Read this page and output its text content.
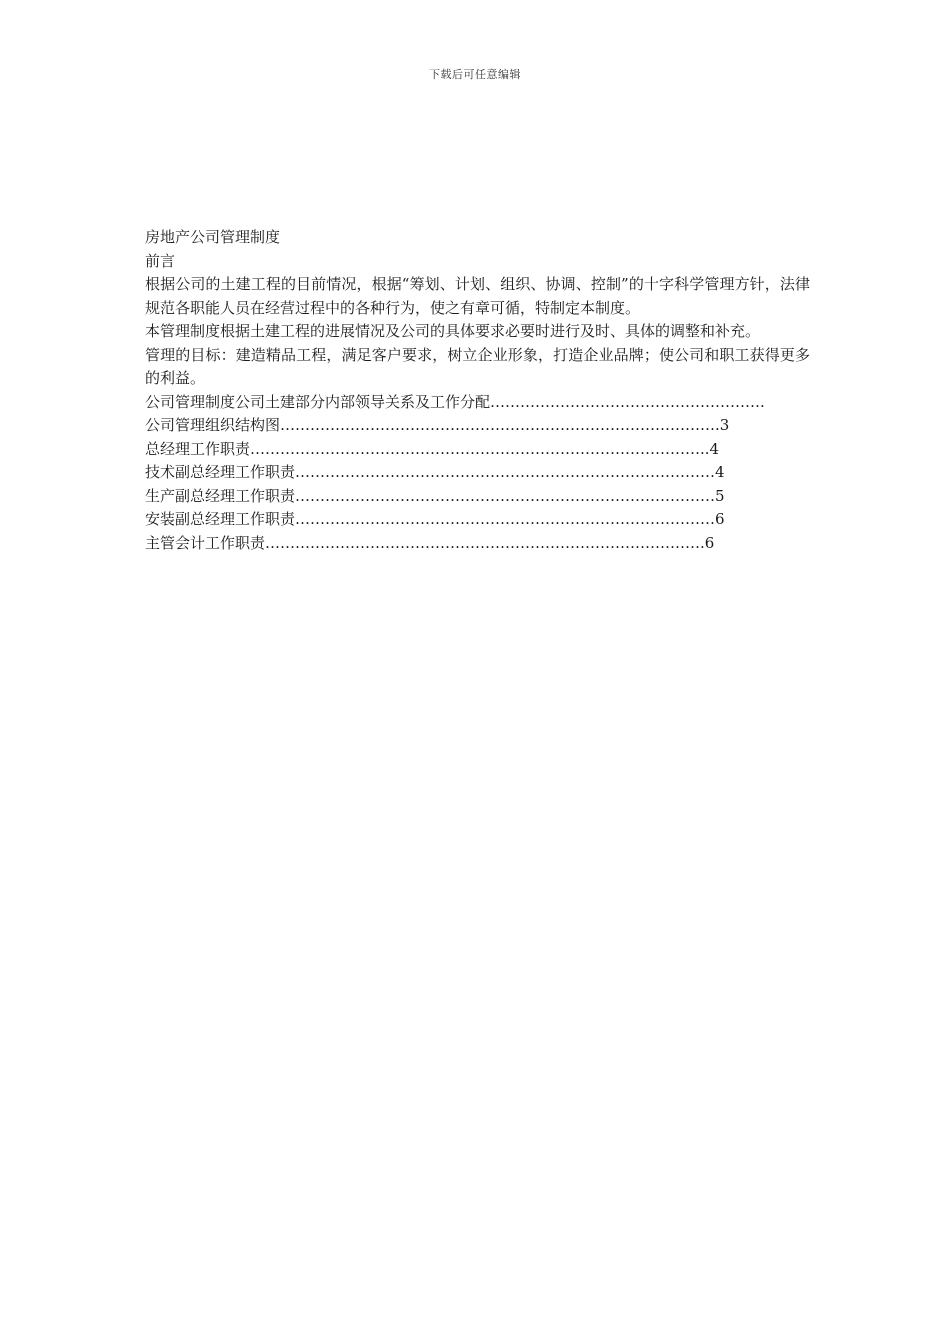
下载后可任意编辑

房地产公司管理制度

前言

根据公司的土建工程的目前情况，根据“筹划、计划、组织、协调、控制”的十字科学管理方针，法律规范各职能人员在经营过程中的各种行为，使之有章可循，特制定本制度。

本管理制度根据土建工程的进展情况及公司的具体要求必要时进行及时、具体的调整和补充。

管理的目标：建造精品工程，满足客户要求，树立企业形象，打造企业品牌；使公司和职工获得更多的利益。

公司管理制度公司土建部分内部领导关系及工作分配……………………………………………….

公司管理组织结构图…………………………………………………………………………….3

总经理工作职责………………………………………………………………………………..4

技术副总经理工作职责…………………………………………………………………………4

生产副总经理工作职责…………………………………………………………………………5

安装副总经理工作职责…………………………………………………………………………6

主管会计工作职责…………………………………………………………………………….6
